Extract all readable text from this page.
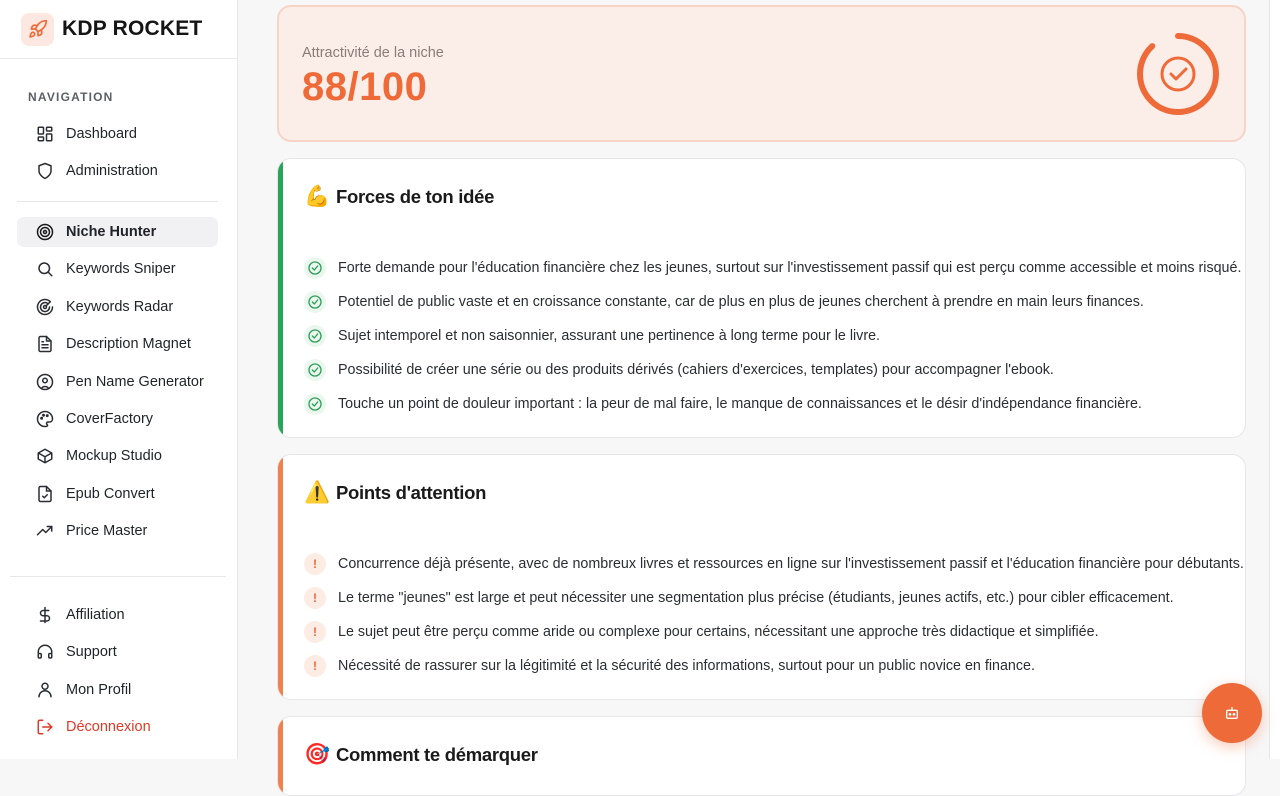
KDP ROCKET
NAVIGATION
Dashboard
Administration
Niche Hunter
Keywords Sniper
Keywords Radar
Description Magnet
Pen Name Generator
CoverFactory
Mockup Studio
Epub Convert
Price Master
Affiliation
Support
Mon Profil
Déconnexion
Attractivité de la niche
88/100
💪 Forces de ton idée
Forte demande pour l'éducation financière chez les jeunes, surtout sur l'investissement passif qui est perçu comme accessible et moins risqué.
Potentiel de public vaste et en croissance constante, car de plus en plus de jeunes cherchent à prendre en main leurs finances.
Sujet intemporel et non saisonnier, assurant une pertinence à long terme pour le livre.
Possibilité de créer une série ou des produits dérivés (cahiers d'exercices, templates) pour accompagner l'ebook.
Touche un point de douleur important : la peur de mal faire, le manque de connaissances et le désir d'indépendance financière.
⚠️ Points d'attention
!	Concurrence déjà présente, avec de nombreux livres et ressources en ligne sur l'investissement passif et l'éducation financière pour débutants.
!	Le terme "jeunes" est large et peut nécessiter une segmentation plus précise (étudiants, jeunes actifs, etc.) pour cibler efficacement.
!	Le sujet peut être perçu comme aride ou complexe pour certains, nécessitant une approche très didactique et simplifiée.
!	Nécessité de rassurer sur la légitimité et la sécurité des informations, surtout pour un public novice en finance.
🎯 Comment te démarquer
